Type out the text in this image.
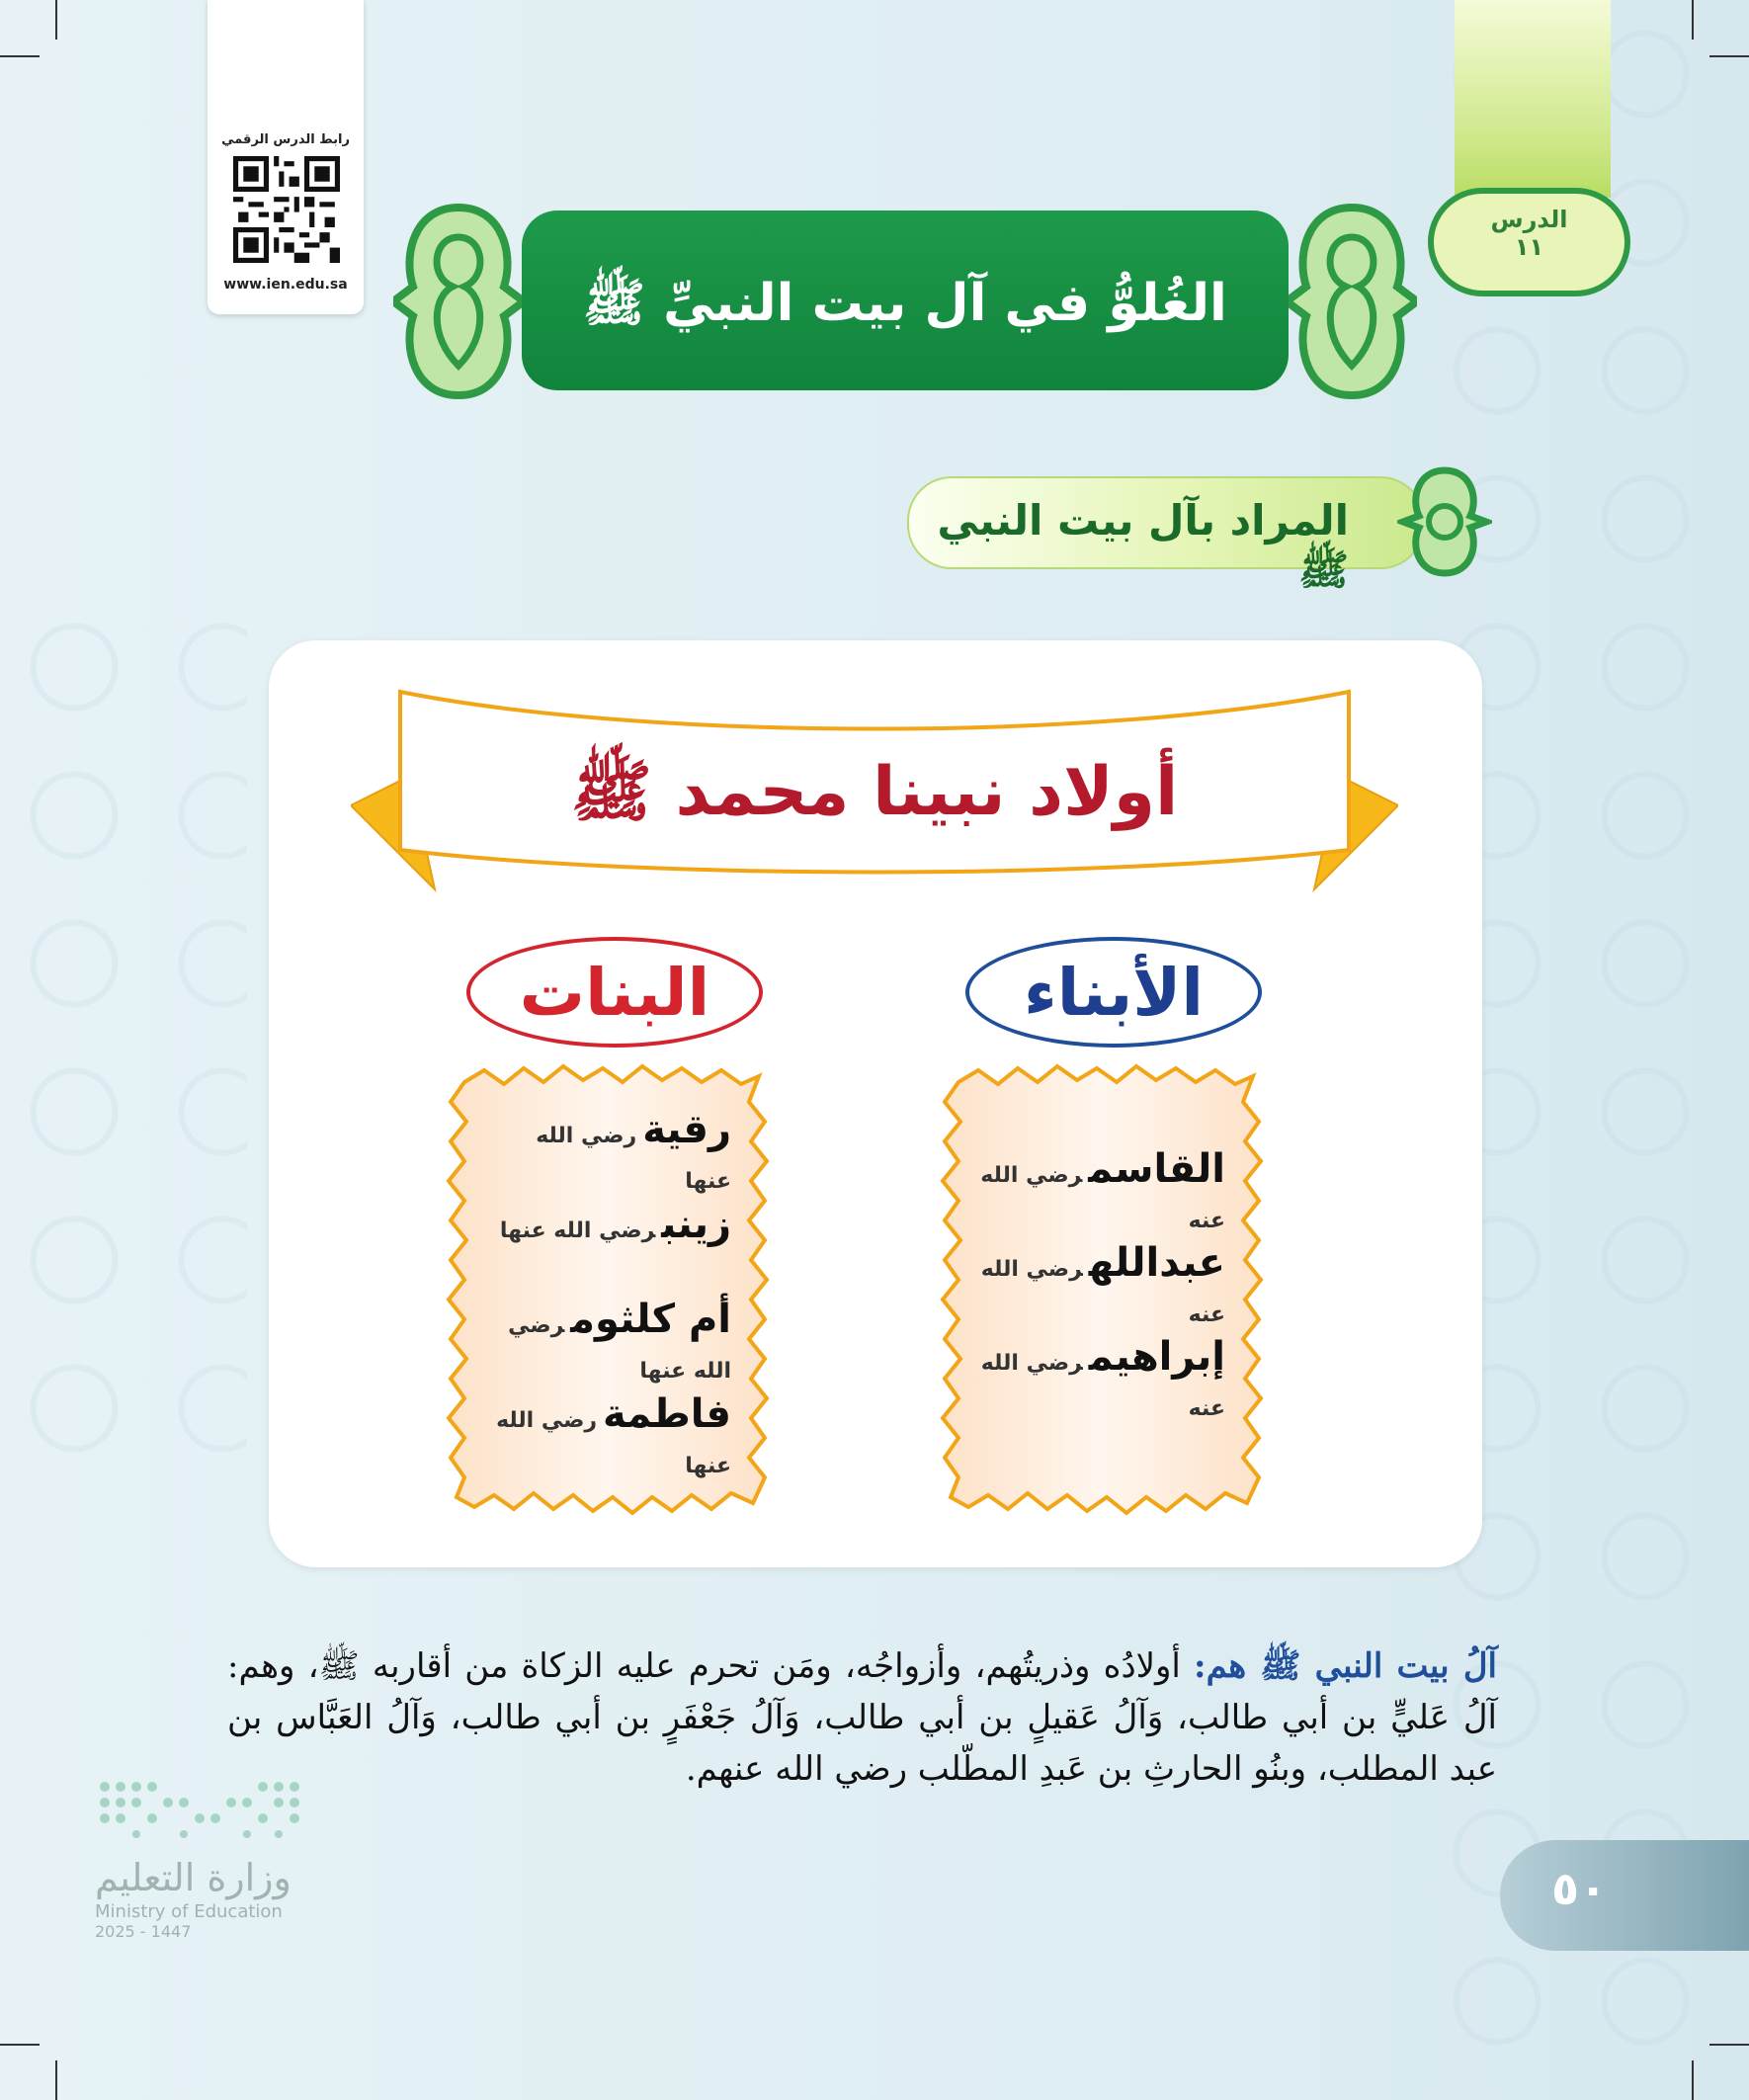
رابط الدرس الرقمي
www.ien.edu.sa
الدرس
١١
الغُلوُّ في آل بيت النبيِّ ﷺ
المراد بآل بيت النبي ﷺ
أولاد نبينا محمد ﷺ
الأبناء
البنات
القاسمرضي الله عنه
عبداللهرضي الله عنه
إبراهيمرضي الله عنه
رقيةرضي الله عنها
زينبرضي الله عنها
أم كلثومرضي الله عنها
فاطمةرضي الله عنها
آلُ بيت النبي ﷺ هم: أولادُه وذريتُهم، وأزواجُه، ومَن تحرم عليه الزكاة من أقاربه ﷺ، وهم: آلُ عَليٍّ بن أبي طالب، وَآلُ عَقيلٍ بن أبي طالب، وَآلُ جَعْفَرٍ بن أبي طالب، وَآلُ العَبَّاس بن عبد المطلب، وبنُو الحارثِ بن عَبدِ المطّلب رضي الله عنهم.
٥٠
وزارة التعليم
Ministry of Education
2025 - 1447
